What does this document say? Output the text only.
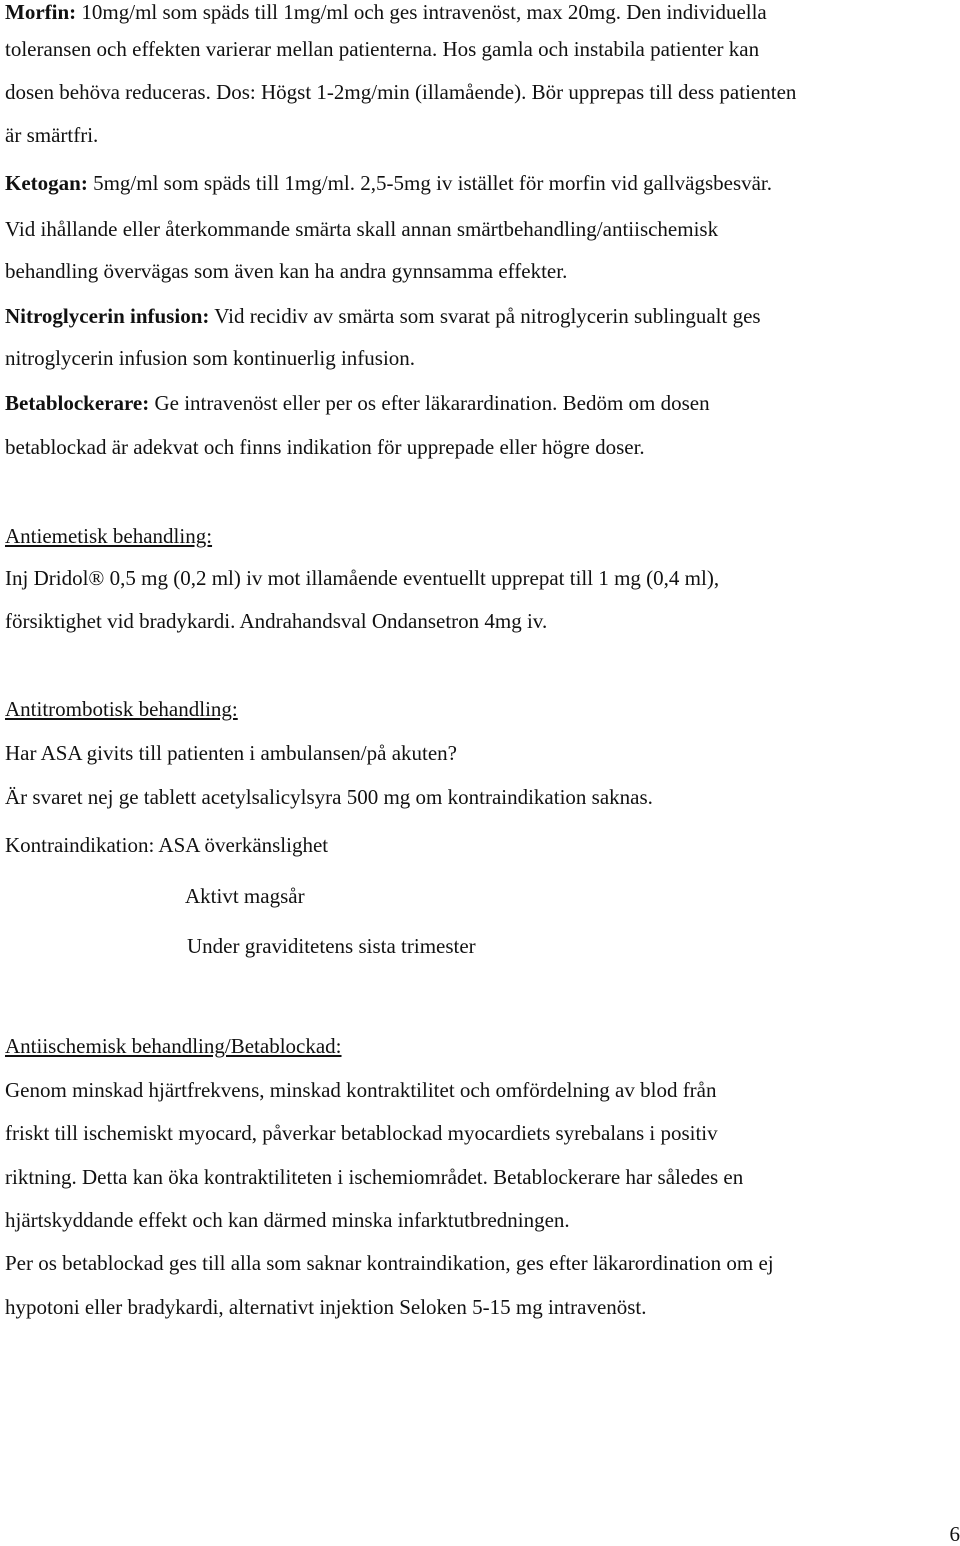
Morfin: 10mg/ml som späds till 1mg/ml och ges intravenöst, max 20mg. Den individuella
toleransen och effekten varierar mellan patienterna. Hos gamla och instabila patienter kan
dosen behöva reduceras. Dos: Högst 1-2mg/min (illamående). Bör upprepas till dess patienten
är smärtfri.
Ketogan: 5mg/ml som späds till 1mg/ml. 2,5-5mg iv istället för morfin vid gallvägsbesvär.
Vid ihållande eller återkommande smärta skall annan smärtbehandling/antiischemisk
behandling övervägas som även kan ha andra gynnsamma effekter.
Nitroglycerin infusion: Vid recidiv av smärta som svarat på nitroglycerin sublingualt ges
nitroglycerin infusion som kontinuerlig infusion.
Betablockerare: Ge intravenöst eller per os efter läkarardination. Bedöm om dosen
betablockad är adekvat och finns indikation för upprepade eller högre doser.
Antiemetisk behandling:
Inj Dridol® 0,5 mg (0,2 ml) iv mot illamående eventuellt upprepat till 1 mg (0,4 ml),
försiktighet vid bradykardi. Andrahandsval Ondansetron 4mg iv.
Antitrombotisk behandling:
Har ASA givits till patienten i ambulansen/på akuten?
Är svaret nej ge tablett acetylsalicylsyra 500 mg om kontraindikation saknas.
Kontraindikation: ASA överkänslighet
Aktivt magsår
Under graviditetens sista trimester
Antiischemisk behandling/Betablockad:
Genom minskad hjärtfrekvens, minskad kontraktilitet och omfördelning av blod från
friskt till ischemiskt myocard, påverkar betablockad myocardiets syrebalans i positiv
riktning. Detta kan öka kontraktiliteten i ischemiområdet. Betablockerare har således en
hjärtskyddande effekt och kan därmed minska infarktutbredningen.
Per os betablockad ges till alla som saknar kontraindikation, ges efter läkarordination om ej
hypotoni eller bradykardi, alternativt injektion Seloken 5-15 mg intravenöst.
6
